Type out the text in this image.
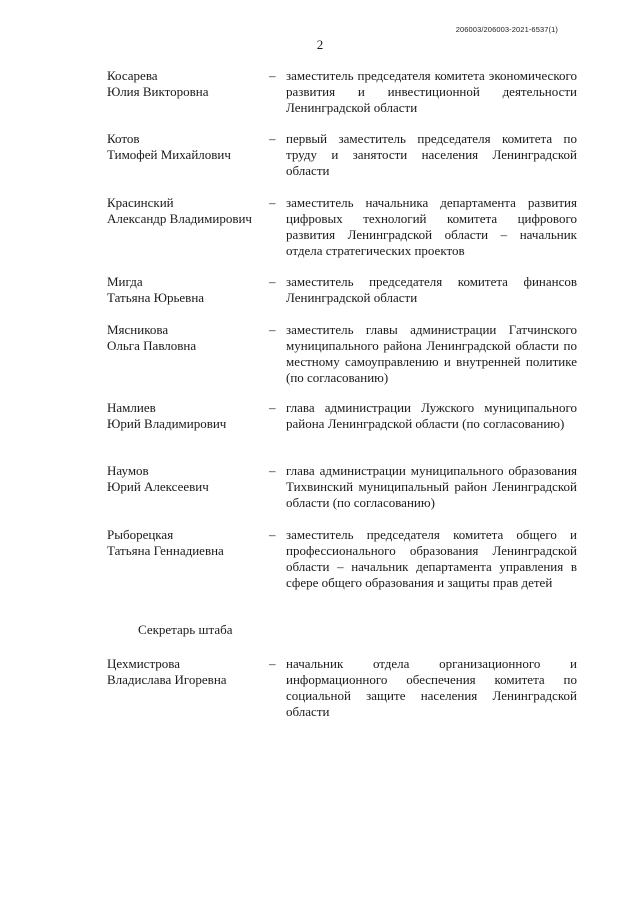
206003/206003-2021-6537(1)
2
Косарева
Юлия Викторовна
– заместитель председателя комитета экономического развития и инвестиционной деятельности Ленинградской области
Котов
Тимофей Михайлович
– первый заместитель председателя комитета по труду и занятости населения Ленинградской области
Красинский
Александр Владимирович
– заместитель начальника департамента развития цифровых технологий комитета цифрового развития Ленинградской области – начальник отдела стратегических проектов
Мигда
Татьяна Юрьевна
– заместитель председателя комитета финансов Ленинградской области
Мясникова
Ольга Павловна
– заместитель главы администрации Гатчинского муниципального района Ленинградской области по местному самоуправлению и внутренней политике (по согласованию)
Намлиев
Юрий Владимирович
– глава администрации Лужского муниципального района Ленинградской области (по согласованию)
Наумов
Юрий Алексеевич
– глава администрации муниципального образования Тихвинский муниципальный район Ленинградской области (по согласованию)
Рыборецкая
Татьяна Геннадиевна
– заместитель председателя комитета общего и профессионального образования Ленинградской области – начальник департамента управления в сфере общего образования и защиты прав детей
Секретарь штаба
Цехмистрова
Владислава Игоревна
– начальник отдела организационного и информационного обеспечения комитета по социальной защите населения Ленинградской области
